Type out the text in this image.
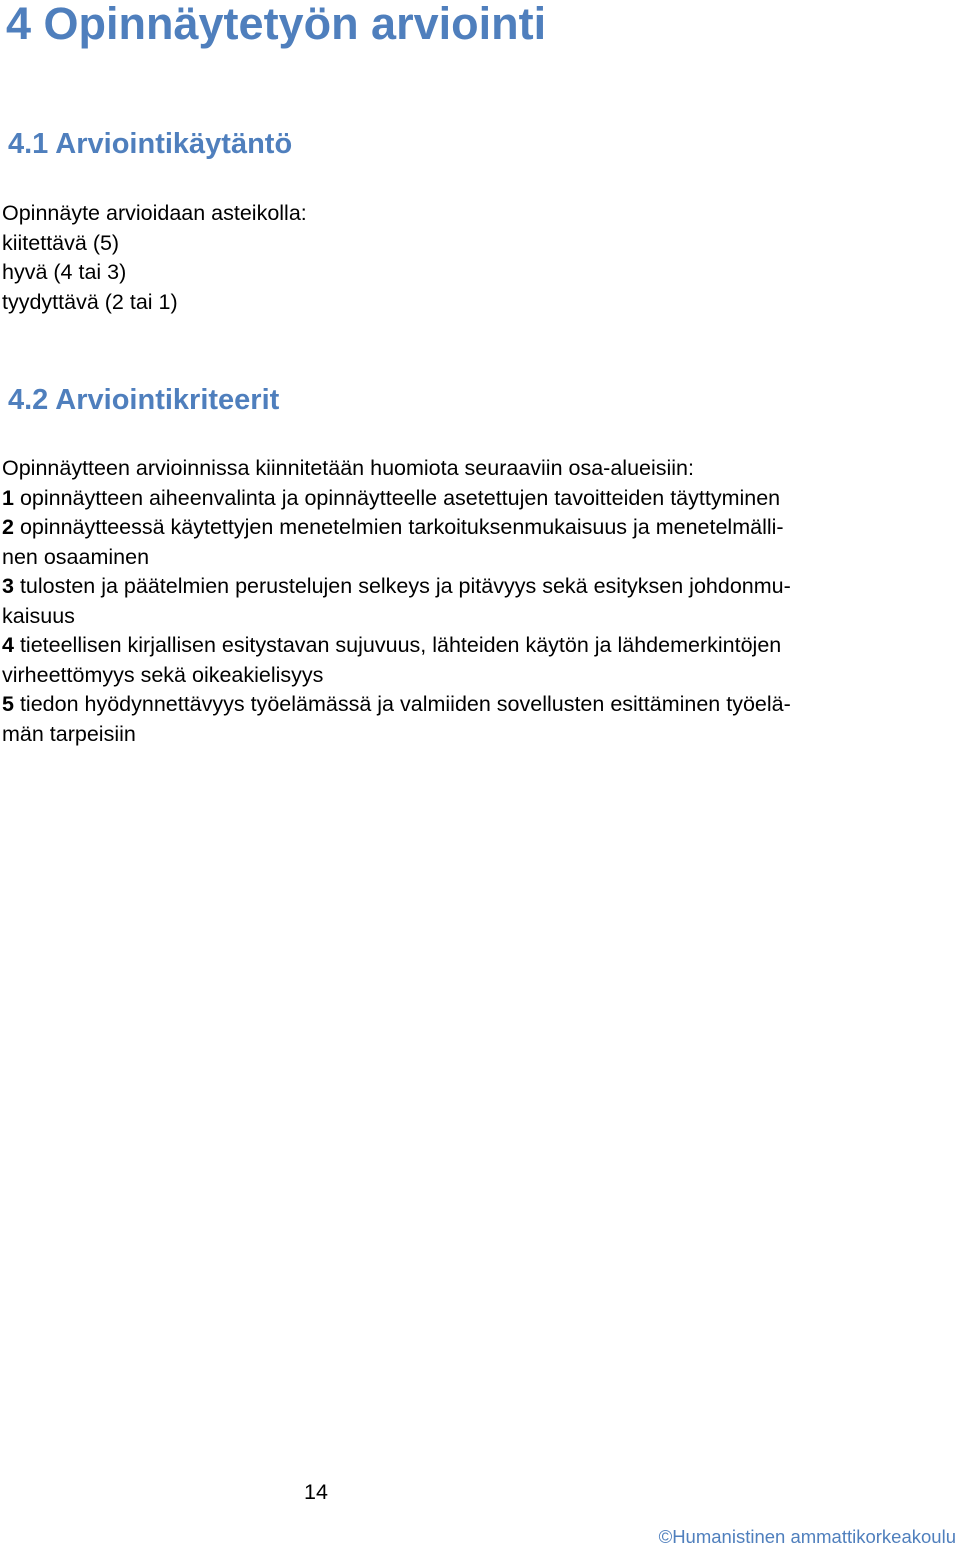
4 Opinnäytetyön arviointi
4.1 Arviointikäytäntö
Opinnäyte arvioidaan asteikolla:
kiitettävä (5)
hyvä (4 tai 3)
tyydyttävä (2 tai 1)
4.2 Arviointikriteerit
Opinnäytteen arvioinnissa kiinnitetään huomiota seuraaviin osa-alueisiin:
1 opinnäytteen aiheenvalinta ja opinnäytteelle asetettujen tavoitteiden täyttyminen
2 opinnäytteessä käytettyjen menetelmien tarkoituksenmukaisuus ja menetelmälli-
nen osaaminen
3 tulosten ja päätelmien perustelujen selkeys ja pitävyys sekä esityksen johdonmu-
kaisuus
4 tieteellisen kirjallisen esitystavan sujuvuus, lähteiden käytön ja lähdemerkintöjen
virheettömyys sekä oikeakielisyys
5 tiedon hyödynnettävyys työelämässä ja valmiiden sovellusten esittäminen työelä-
män tarpeisiin
14
©Humanistinen ammattikorkeakoulu
